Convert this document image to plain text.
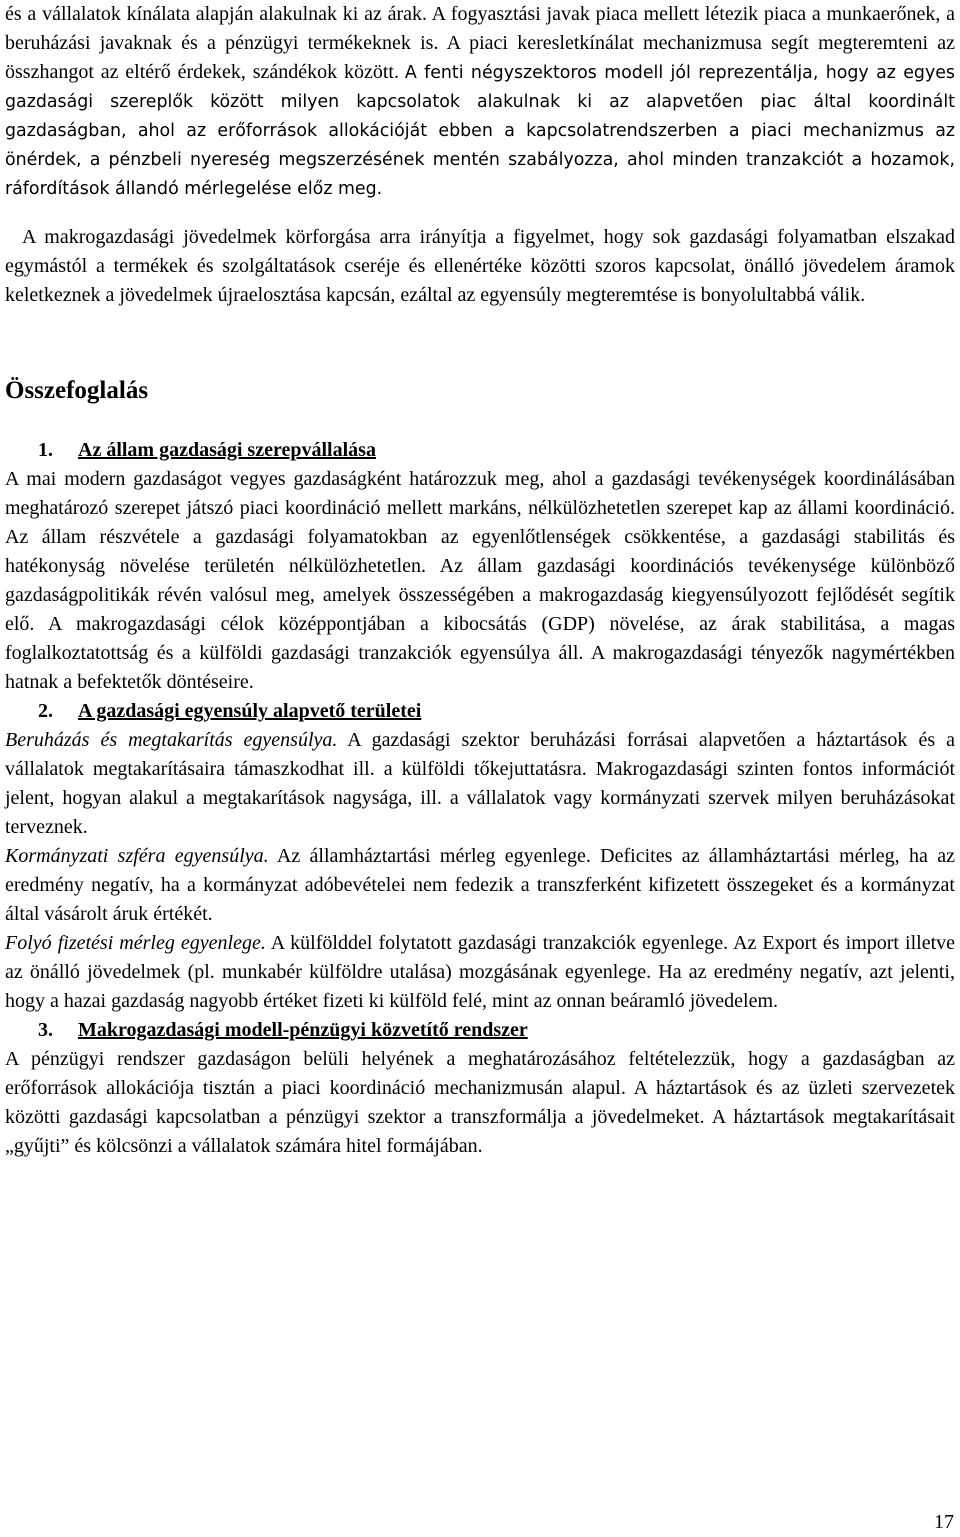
és a vállalatok kínálata alapján alakulnak ki az árak. A fogyasztási javak piaca mellett létezik piaca a munkaerőnek, a beruházási javaknak és a pénzügyi termékeknek is. A piaci keresletkínálat mechanizmusa segít megteremteni az összhangot az eltérő érdekek, szándékok között. A fenti négyszektoros modell jól reprezentálja, hogy az egyes gazdasági szereplők között milyen kapcsolatok alakulnak ki az alapvetően piac által koordinált gazdaságban, ahol az erőforrások allokációját ebben a kapcsolatrendszerben a piaci mechanizmus az önérdek, a pénzbeli nyereség megszerzésének mentén szabályozza, ahol minden tranzakciót a hozamok, ráfordítások állandó mérlegelése előz meg.

A makrogazdasági jövedelmek körforgása arra irányítja a figyelmet, hogy sok gazdasági folyamatban elszakad egymástól a termékek és szolgáltatások cseréje és ellenértéke közötti szoros kapcsolat, önálló jövedelem áramok keletkeznek a jövedelmek újraelosztása kapcsán, ezáltal az egyensúly megteremtése is bonyolultabbá válik.

Összefoglalás
1. Az állam gazdasági szerepvállalása

A mai modern gazdaságot vegyes gazdaságként határozzuk meg, ahol a gazdasági tevékenységek koordinálásában meghatározó szerepet játszó piaci koordináció mellett markáns, nélkülözhetetlen szerepet kap az állami koordináció. Az állam részvétele a gazdasági folyamatokban az egyenlőtlenségek csökkentése, a gazdasági stabilitás és hatékonyság növelése területén nélkülözhetetlen. Az állam gazdasági koordinációs tevékenysége különböző gazdaságpolitikák révén valósul meg, amelyek összességében a makrogazdaság kiegyensúlyozott fejlődését segítik elő. A makrogazdasági célok középpontjában a kibocsátás (GDP) növelése, az árak stabilitása, a magas foglalkoztatottság és a külföldi gazdasági tranzakciók egyensúlya áll. A makrogazdasági tényezők nagymértékben hatnak a befektetők döntéseire.

2. A gazdasági egyensúly alapvető területei

Beruházás és megtakarítás egyensúlya. A gazdasági szektor beruházási forrásai alapvetően a háztartások és a vállalatok megtakarításaira támaszkodhat ill. a külföldi tőkejuttatásra. Makrogazdasági szinten fontos információt jelent, hogyan alakul a megtakarítások nagysága, ill. a vállalatok vagy kormányzati szervek milyen beruházásokat terveznek.

Kormányzati szféra egyensúlya. Az államháztartási mérleg egyenlege. Deficites az államháztartási mérleg, ha az eredmény negatív, ha a kormányzat adóbevételei nem fedezik a transzferként kifizetett összegeket és a kormányzat által vásárolt áruk értékét.

Folyó fizetési mérleg egyenlege. A külfölddel folytatott gazdasági tranzakciók egyenlege. Az Export és import illetve az önálló jövedelmek (pl. munkabér külföldre utalása) mozgásának egyenlege. Ha az eredmény negatív, azt jelenti, hogy a hazai gazdaság nagyobb értéket fizeti ki külföld felé, mint az onnan beáramló jövedelem.

3. Makrogazdasági modell-pénzügyi közvetítő rendszer

A pénzügyi rendszer gazdaságon belüli helyének a meghatározásához feltételezzük, hogy a gazdaságban az erőforrások allokációja tisztán a piaci koordináció mechanizmusán alapul. A háztartások és az üzleti szervezetek közötti gazdasági kapcsolatban a pénzügyi szektor a transzformálja a jövedelmeket. A háztartások megtakarításait „gyűjti” és kölcsönzi a vállalatok számára hitel formájában.

17
